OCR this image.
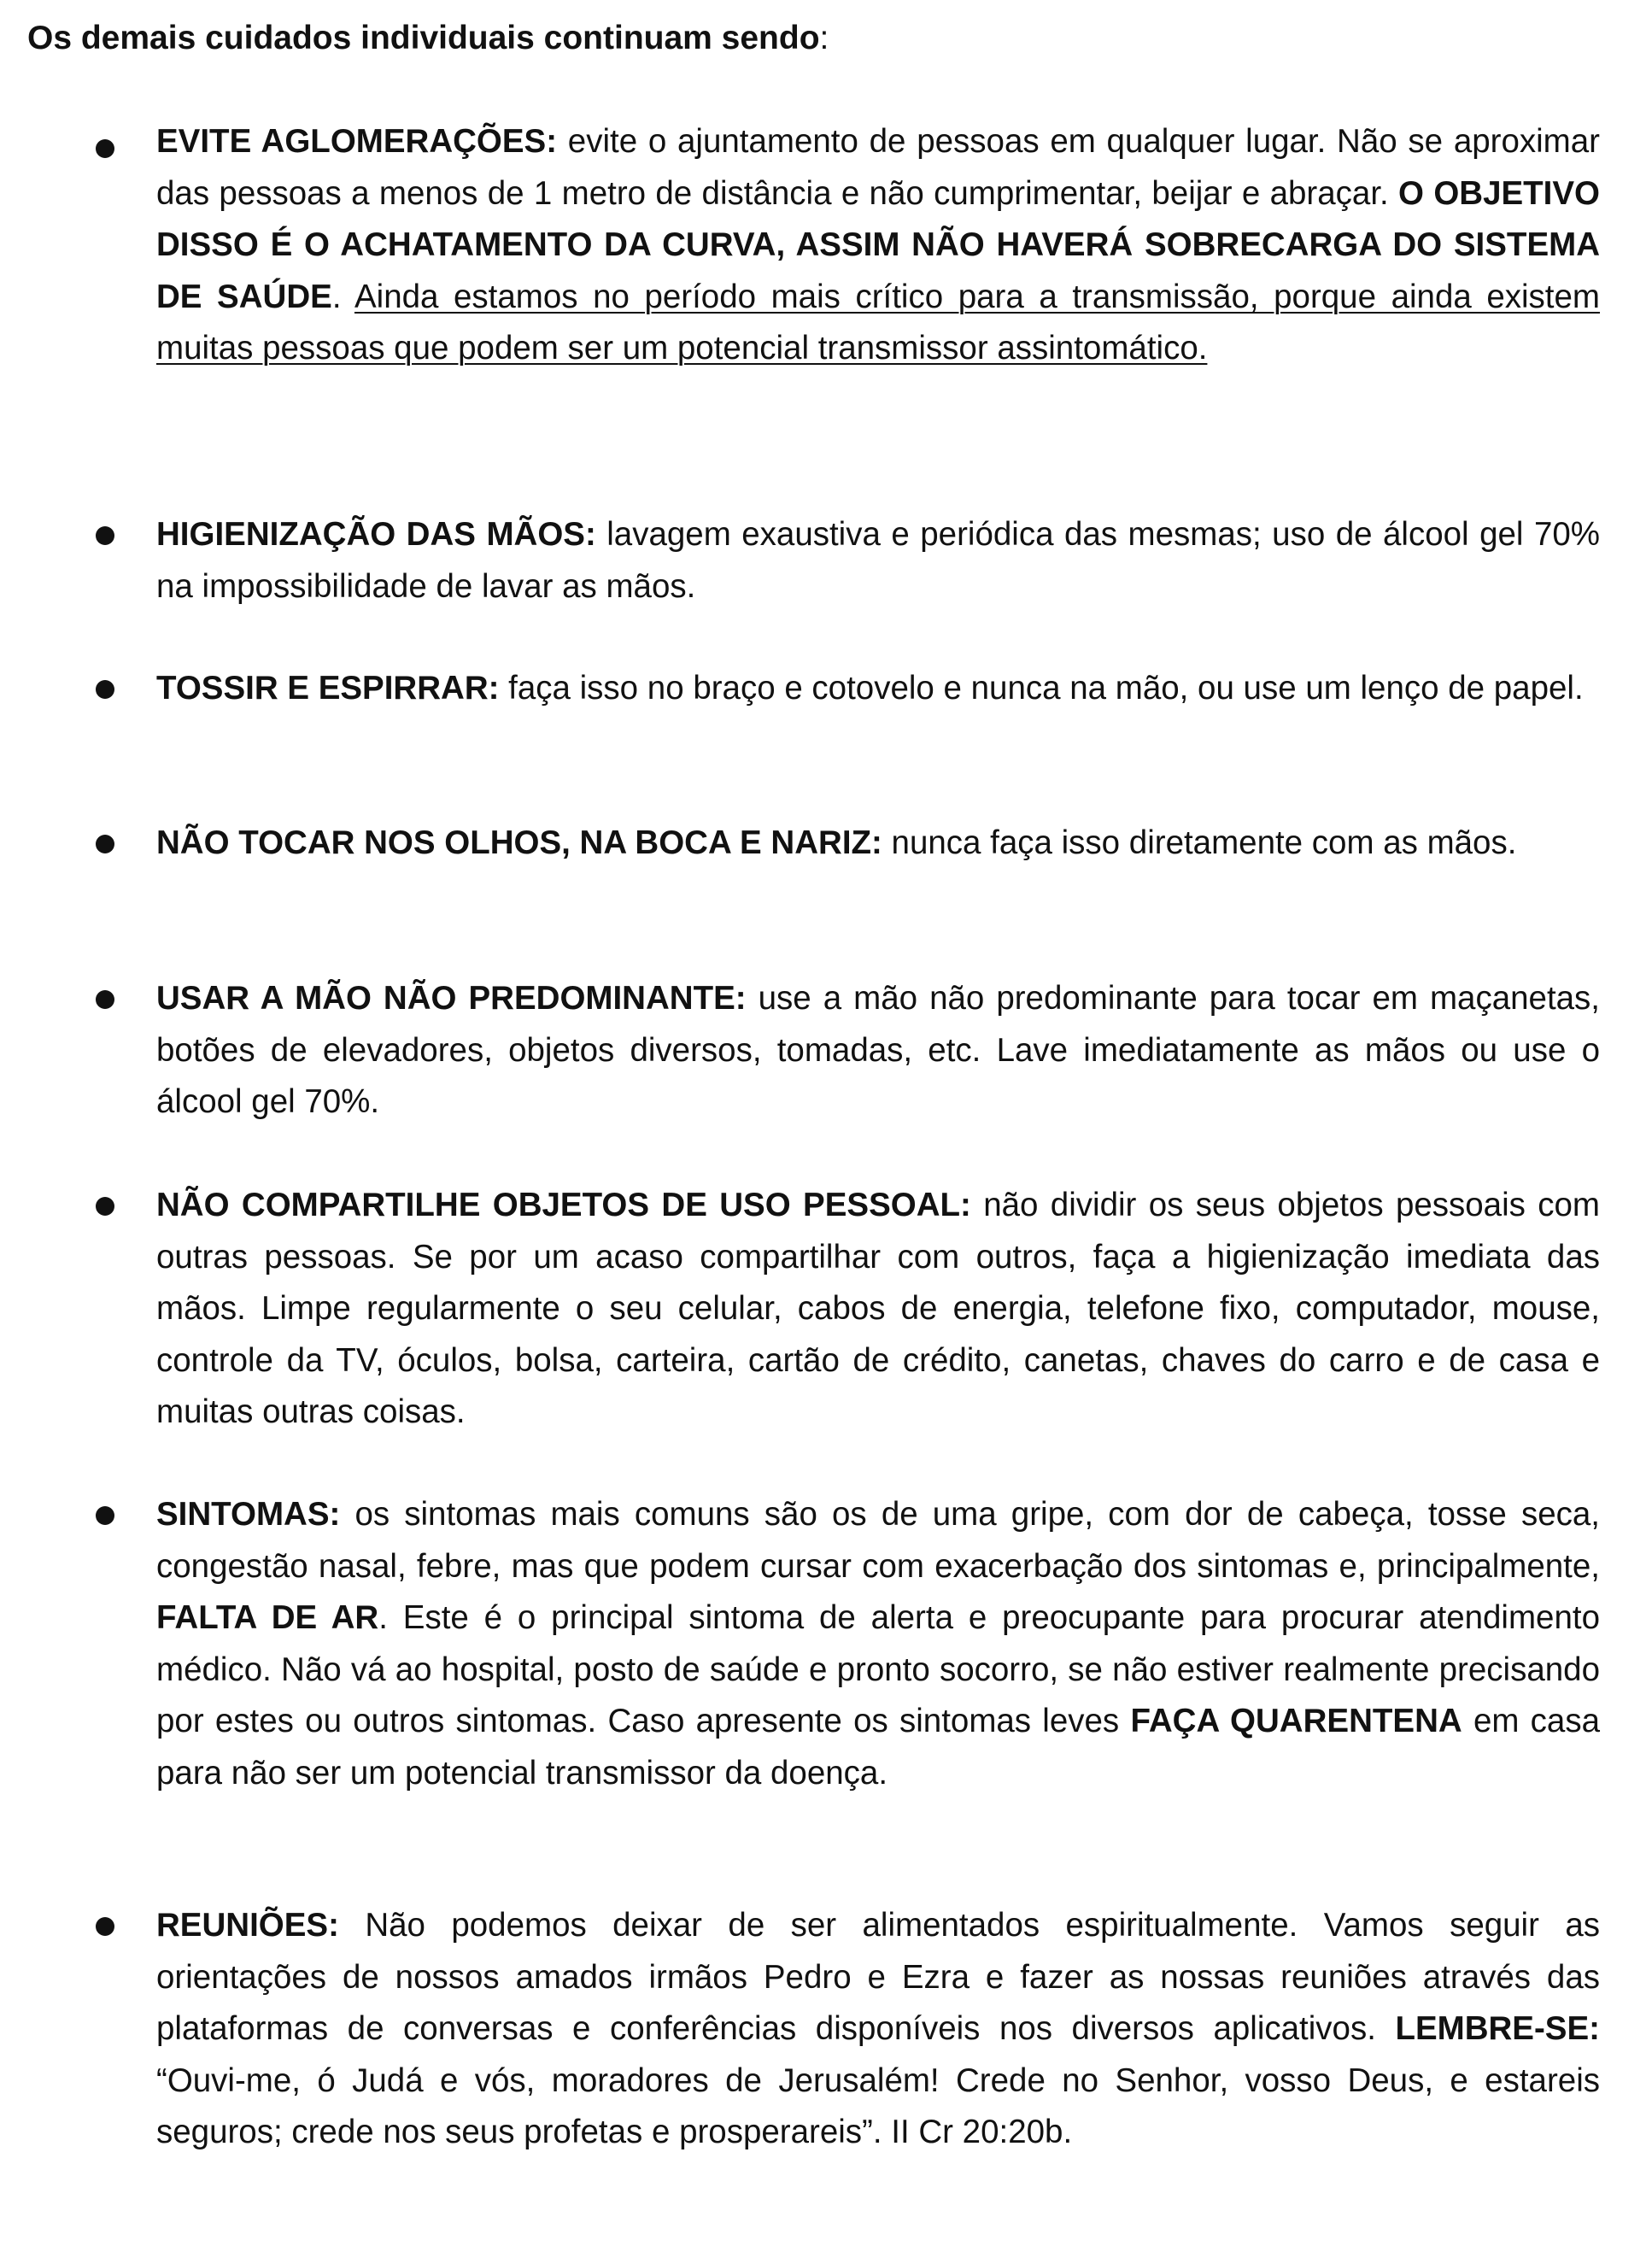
Os demais cuidados individuais continuam sendo:

EVITE AGLOMERAÇÕES: evite o ajuntamento de pessoas em qualquer lugar. Não se aproximar das pessoas a menos de 1 metro de distância e não cumprimentar, beijar e abraçar. O OBJETIVO DISSO É O ACHATAMENTO DA CURVA, ASSIM NÃO HAVERÁ SOBRECARGA DO SISTEMA DE SAÚDE. Ainda estamos no período mais crítico para a transmissão, porque ainda existem muitas pessoas que podem ser um potencial transmissor assintomático.

HIGIENIZAÇÃO DAS MÃOS: lavagem exaustiva e periódica das mesmas; uso de álcool gel 70% na impossibilidade de lavar as mãos.

TOSSIR E ESPIRRAR: faça isso no braço e cotovelo e nunca na mão, ou use um lenço de papel.

NÃO TOCAR NOS OLHOS, NA BOCA E NARIZ: nunca faça isso diretamente com as mãos.

USAR A MÃO NÃO PREDOMINANTE: use a mão não predominante para tocar em maçanetas, botões de elevadores, objetos diversos, tomadas, etc. Lave imediatamente as mãos ou use o álcool gel 70%.

NÃO COMPARTILHE OBJETOS DE USO PESSOAL: não dividir os seus objetos pessoais com outras pessoas. Se por um acaso compartilhar com outros, faça a higienização imediata das mãos. Limpe regularmente o seu celular, cabos de energia, telefone fixo, computador, mouse, controle da TV, óculos, bolsa, carteira, cartão de crédito, canetas, chaves do carro e de casa e muitas outras coisas.

SINTOMAS: os sintomas mais comuns são os de uma gripe, com dor de cabeça, tosse seca, congestão nasal, febre, mas que podem cursar com exacerbação dos sintomas e, principalmente, FALTA DE AR. Este é o principal sintoma de alerta e preocupante para procurar atendimento médico. Não vá ao hospital, posto de saúde e pronto socorro, se não estiver realmente precisando por estes ou outros sintomas. Caso apresente os sintomas leves FAÇA QUARENTENA em casa para não ser um potencial transmissor da doença.

REUNIÕES: Não podemos deixar de ser alimentados espiritualmente. Vamos seguir as orientações de nossos amados irmãos Pedro e Ezra e fazer as nossas reuniões através das plataformas de conversas e conferências disponíveis nos diversos aplicativos. LEMBRE-SE: “Ouvi-me, ó Judá e vós, moradores de Jerusalém! Crede no Senhor, vosso Deus, e estareis seguros; crede nos seus profetas e prosperareis”. II Cr 20:20b.
